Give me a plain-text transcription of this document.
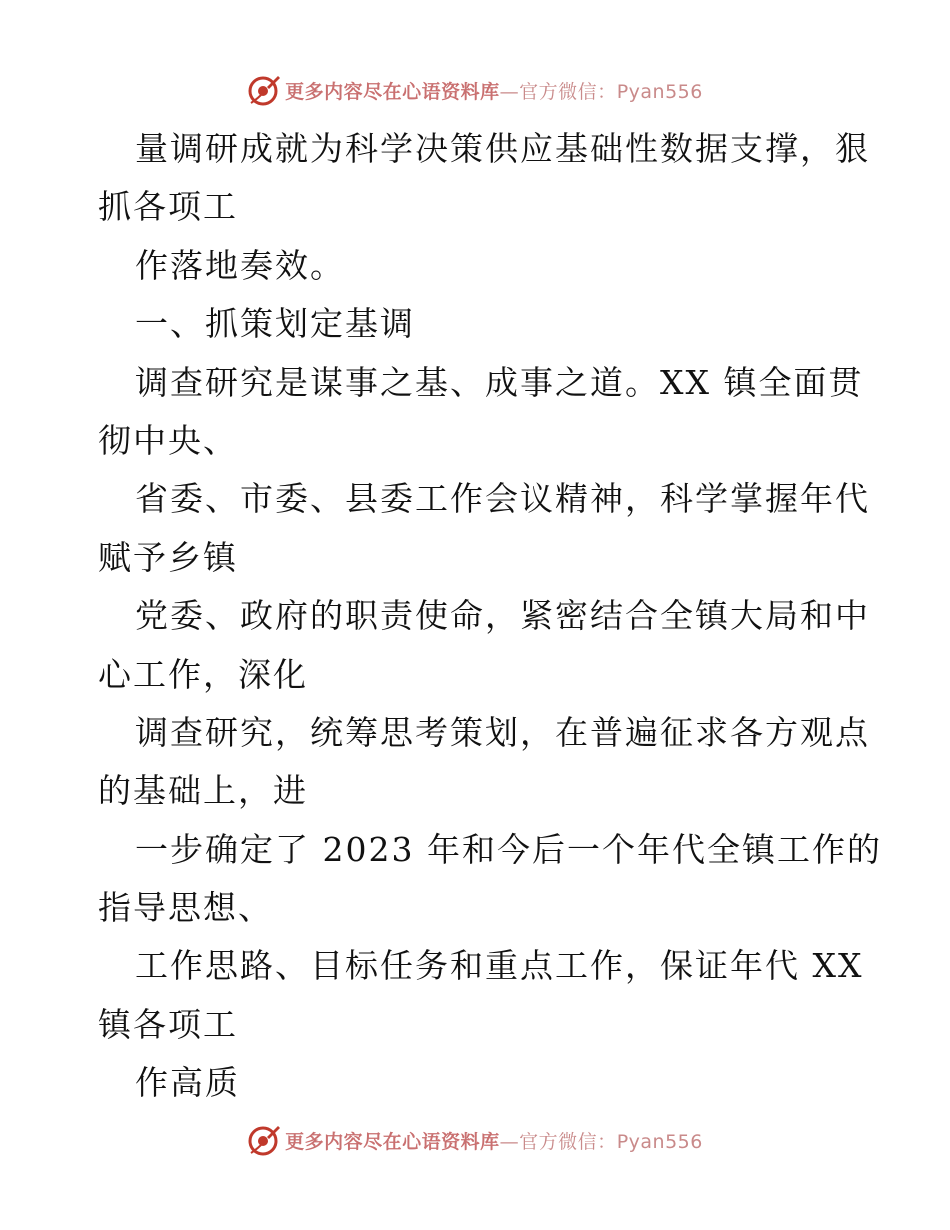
更多内容尽在心语资料库—官方微信：Pyan556
量调研成就为科学决策供应基础性数据支撑，狠
抓各项工
作落地奏效。
一、抓策划定基调
调查研究是谋事之基、成事之道。XX 镇全面贯
彻中央、
省委、市委、县委工作会议精神，科学掌握年代
赋予乡镇
党委、政府的职责使命，紧密结合全镇大局和中
心工作，深化
调查研究，统筹思考策划，在普遍征求各方观点
的基础上，进
一步确定了 2023 年和今后一个年代全镇工作的
指导思想、
工作思路、目标任务和重点工作，保证年代 XX
镇各项工
作高质
更多内容尽在心语资料库—官方微信：Pyan556
